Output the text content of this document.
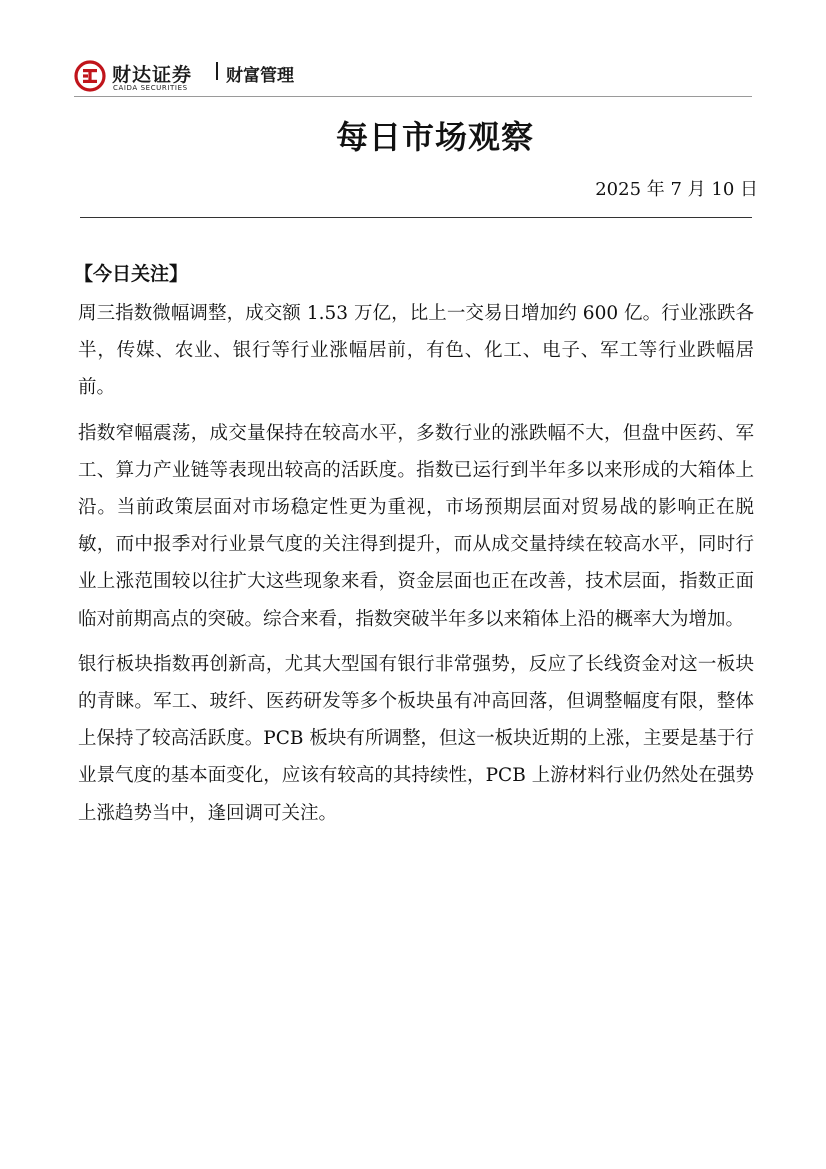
财达证券
CAIDA SECURITIES
财富管理
每日市场观察
2025 年 7 月 10 日
【今日关注】

周三指数微幅调整，成交额 1.53 万亿，比上一交易日增加约 600 亿。行业涨跌各半，传媒、农业、银行等行业涨幅居前，有色、化工、电子、军工等行业跌幅居前。

指数窄幅震荡，成交量保持在较高水平，多数行业的涨跌幅不大，但盘中医药、军工、算力产业链等表现出较高的活跃度。指数已运行到半年多以来形成的大箱体上沿。当前政策层面对市场稳定性更为重视，市场预期层面对贸易战的影响正在脱敏，而中报季对行业景气度的关注得到提升，而从成交量持续在较高水平，同时行业上涨范围较以往扩大这些现象来看，资金层面也正在改善，技术层面，指数正面临对前期高点的突破。综合来看，指数突破半年多以来箱体上沿的概率大为增加。

银行板块指数再创新高，尤其大型国有银行非常强势，反应了长线资金对这一板块的青睐。军工、玻纤、医药研发等多个板块虽有冲高回落，但调整幅度有限，整体上保持了较高活跃度。PCB 板块有所调整，但这一板块近期的上涨，主要是基于行业景气度的基本面变化，应该有较高的其持续性，PCB 上游材料行业仍然处在强势上涨趋势当中，逢回调可关注。
